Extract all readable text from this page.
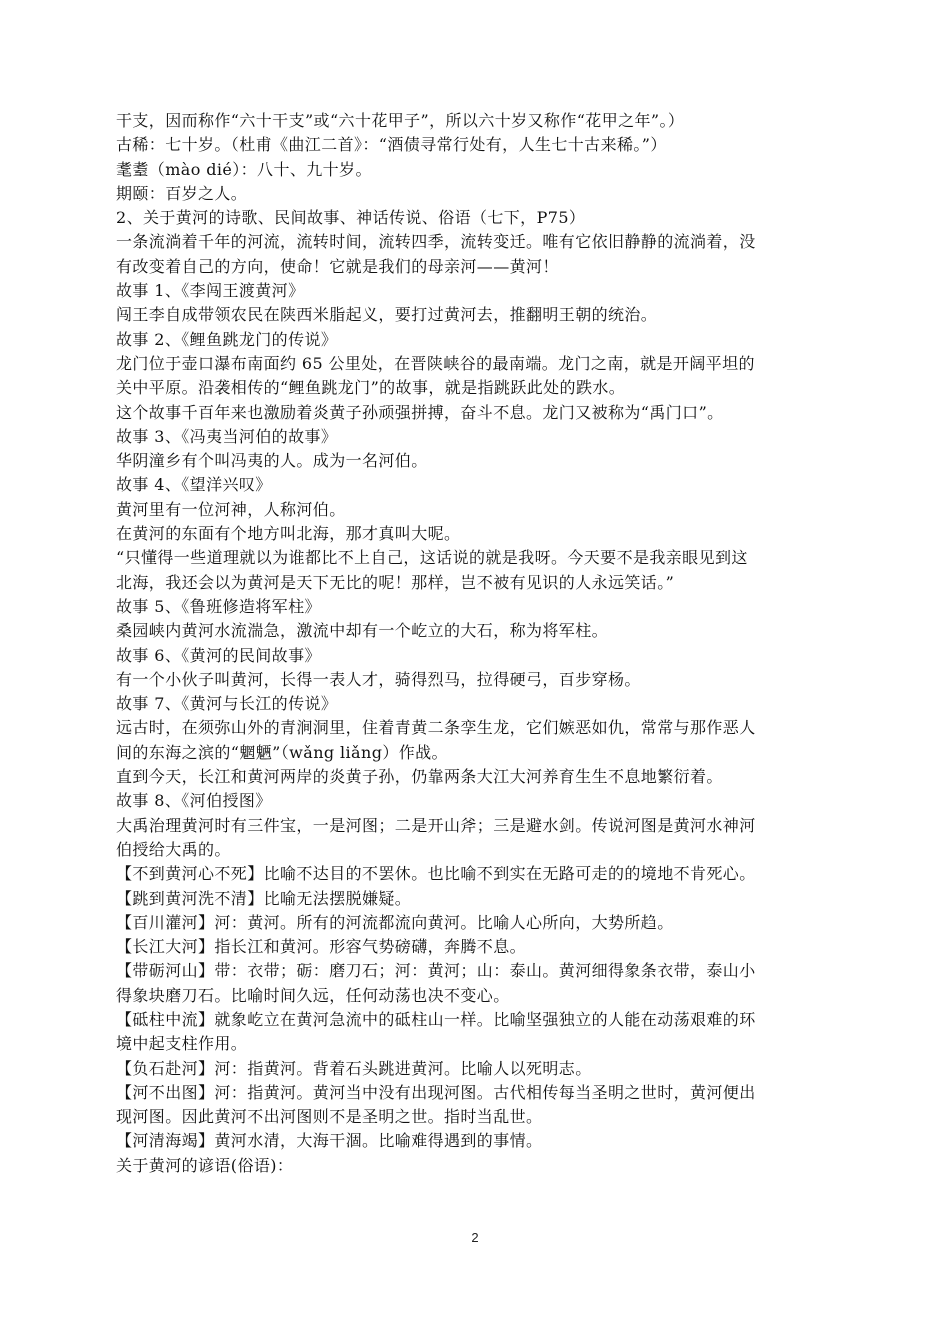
干支，因而称作“六十干支”或“六十花甲子”，所以六十岁又称作“花甲之年”。）
古稀：七十岁。（杜甫《曲江二首》：“酒债寻常行处有，人生七十古来稀。”）
耄耋（mào dié）：八十、九十岁。
期颐：百岁之人。
2、关于黄河的诗歌、民间故事、神话传说、俗语（七下，P75）
一条流淌着千年的河流，流转时间，流转四季，流转变迁。唯有它依旧静静的流淌着，没
有改变着自己的方向，使命！它就是我们的母亲河——黄河！
故事 1、《李闯王渡黄河》
闯王李自成带领农民在陕西米脂起义，要打过黄河去，推翻明王朝的统治。
故事 2、《鲤鱼跳龙门的传说》
龙门位于壶口瀑布南面约 65 公里处，在晋陕峡谷的最南端。龙门之南，就是开阔平坦的
关中平原。沿袭相传的“鲤鱼跳龙门”的故事，就是指跳跃此处的跌水。
这个故事千百年来也激励着炎黄子孙顽强拼搏，奋斗不息。龙门又被称为“禹门口”。
故事 3、《冯夷当河伯的故事》
华阴潼乡有个叫冯夷的人。成为一名河伯。
故事 4、《望洋兴叹》
黄河里有一位河神，人称河伯。
在黄河的东面有个地方叫北海，那才真叫大呢。
“只懂得一些道理就以为谁都比不上自己，这话说的就是我呀。今天要不是我亲眼见到这
北海，我还会以为黄河是天下无比的呢！那样，岂不被有见识的人永远笑话。”
故事 5、《鲁班修造将军柱》
桑园峡内黄河水流湍急，激流中却有一个屹立的大石，称为将军柱。
故事 6、《黄河的民间故事》
有一个小伙子叫黄河，长得一表人才，骑得烈马，拉得硬弓，百步穿杨。
故事 7、《黄河与长江的传说》
远古时，在须弥山外的青涧洞里，住着青黄二条孪生龙，它们嫉恶如仇，常常与那作恶人
间的东海之滨的“魍魉”（wǎng liǎng）作战。
直到今天，长江和黄河两岸的炎黄子孙，仍靠两条大江大河养育生生不息地繁衍着。
故事 8、《河伯授图》
大禹治理黄河时有三件宝，一是河图；二是开山斧；三是避水剑。传说河图是黄河水神河
伯授给大禹的。
【不到黄河心不死】比喻不达目的不罢休。也比喻不到实在无路可走的的境地不肯死心。
【跳到黄河洗不清】比喻无法摆脱嫌疑。
【百川灌河】河：黄河。所有的河流都流向黄河。比喻人心所向，大势所趋。
【长江大河】指长江和黄河。形容气势磅礴，奔腾不息。
【带砺河山】带：衣带；砺：磨刀石；河：黄河；山：泰山。黄河细得象条衣带，泰山小
得象块磨刀石。比喻时间久远，任何动荡也决不变心。
【砥柱中流】就象屹立在黄河急流中的砥柱山一样。比喻坚强独立的人能在动荡艰难的环
境中起支柱作用。
【负石赴河】河：指黄河。背着石头跳进黄河。比喻人以死明志。
【河不出图】河：指黄河。黄河当中没有出现河图。古代相传每当圣明之世时，黄河便出
现河图。因此黄河不出河图则不是圣明之世。指时当乱世。
【河清海竭】黄河水清，大海干涸。比喻难得遇到的事情。
关于黄河的谚语(俗语)：
2
